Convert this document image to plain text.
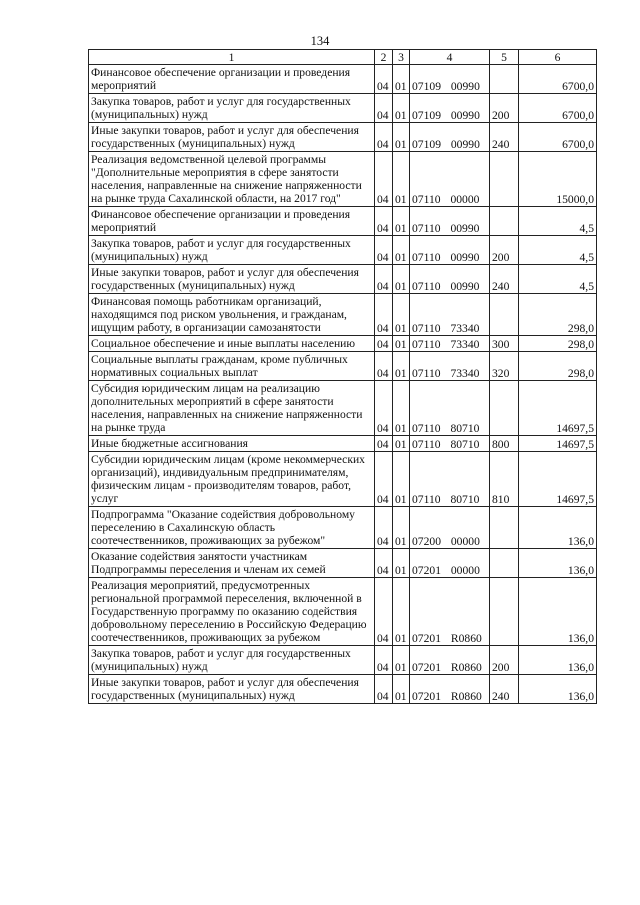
134
1	2	3	4	5	6
Финансовое обеспечение организации и проведения мероприятий	04	01	07109 00990		6700,0
Закупка товаров, работ и услуг для государственных (муниципальных) нужд	04	01	07109 00990	200	6700,0
Иные закупки товаров, работ и услуг для обеспечения государственных (муниципальных) нужд	04	01	07109 00990	240	6700,0
Реализация ведомственной целевой программы "Дополнительные мероприятия в сфере занятости населения, направленные на снижение напряженности на рынке труда Сахалинской области, на 2017 год"	04	01	07110 00000		15000,0
Финансовое обеспечение организации и проведения мероприятий	04	01	07110 00990		4,5
Закупка товаров, работ и услуг для государственных (муниципальных) нужд	04	01	07110 00990	200	4,5
Иные закупки товаров, работ и услуг для обеспечения государственных (муниципальных) нужд	04	01	07110 00990	240	4,5
Финансовая помощь работникам организаций, находящимся под риском увольнения, и гражданам, ищущим работу, в организации самозанятости	04	01	07110 73340		298,0
Социальное обеспечение и иные выплаты населению	04	01	07110 73340	300	298,0
Социальные выплаты гражданам, кроме публичных нормативных социальных выплат	04	01	07110 73340	320	298,0
Субсидия юридическим лицам на реализацию дополнительных мероприятий в сфере занятости населения, направленных на снижение напряженности на рынке труда	04	01	07110 80710		14697,5
Иные бюджетные ассигнования	04	01	07110 80710	800	14697,5
Субсидии юридическим лицам (кроме некоммерческих организаций), индивидуальным предпринимателям, физическим лицам - производителям товаров, работ, услуг	04	01	07110 80710	810	14697,5
Подпрограмма "Оказание содействия добровольному переселению в Сахалинскую область соотечественников, проживающих за рубежом"	04	01	07200 00000		136,0
Оказание содействия занятости участникам Подпрограммы переселения и членам их семей	04	01	07201 00000		136,0
Реализация мероприятий, предусмотренных региональной программой переселения, включенной в Государственную программу по оказанию содействия добровольному переселению в Российскую Федерацию соотечественников, проживающих за рубежом	04	01	07201 R0860		136,0
Закупка товаров, работ и услуг для государственных (муниципальных) нужд	04	01	07201 R0860	200	136,0
Иные закупки товаров, работ и услуг для обеспечения государственных (муниципальных) нужд	04	01	07201 R0860	240	136,0
